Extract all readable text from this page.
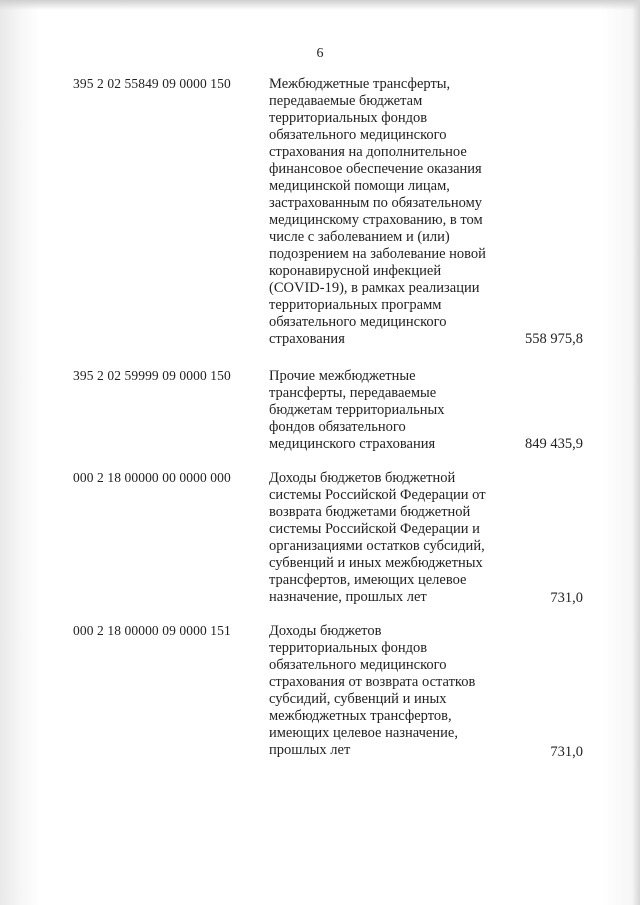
6
395 2 02 55849 09 0000 150	Межбюджетные трансферты,
передаваемые бюджетам
территориальных фондов
обязательного медицинского
страхования на дополнительное
финансовое обеспечение оказания
медицинской помощи лицам,
застрахованным по обязательному
медицинскому страхованию, в том
числе с заболеванием и (или)
подозрением на заболевание новой
коронавирусной инфекцией
(COVID-19), в рамках реализации
территориальных программ
обязательного медицинского
страхования	558 975,8
395 2 02 59999 09 0000 150	Прочие межбюджетные
трансферты, передаваемые
бюджетам территориальных
фондов обязательного
медицинского страхования	849 435,9
000 2 18 00000 00 0000 000	Доходы бюджетов бюджетной
системы Российской Федерации от
возврата бюджетами бюджетной
системы Российской Федерации и
организациями остатков субсидий,
субвенций и иных межбюджетных
трансфертов, имеющих целевое
назначение, прошлых лет	731,0
000 2 18 00000 09 0000 151	Доходы бюджетов
территориальных фондов
обязательного медицинского
страхования от возврата остатков
субсидий, субвенций и иных
межбюджетных трансфертов,
имеющих целевое назначение,
прошлых лет	731,0
